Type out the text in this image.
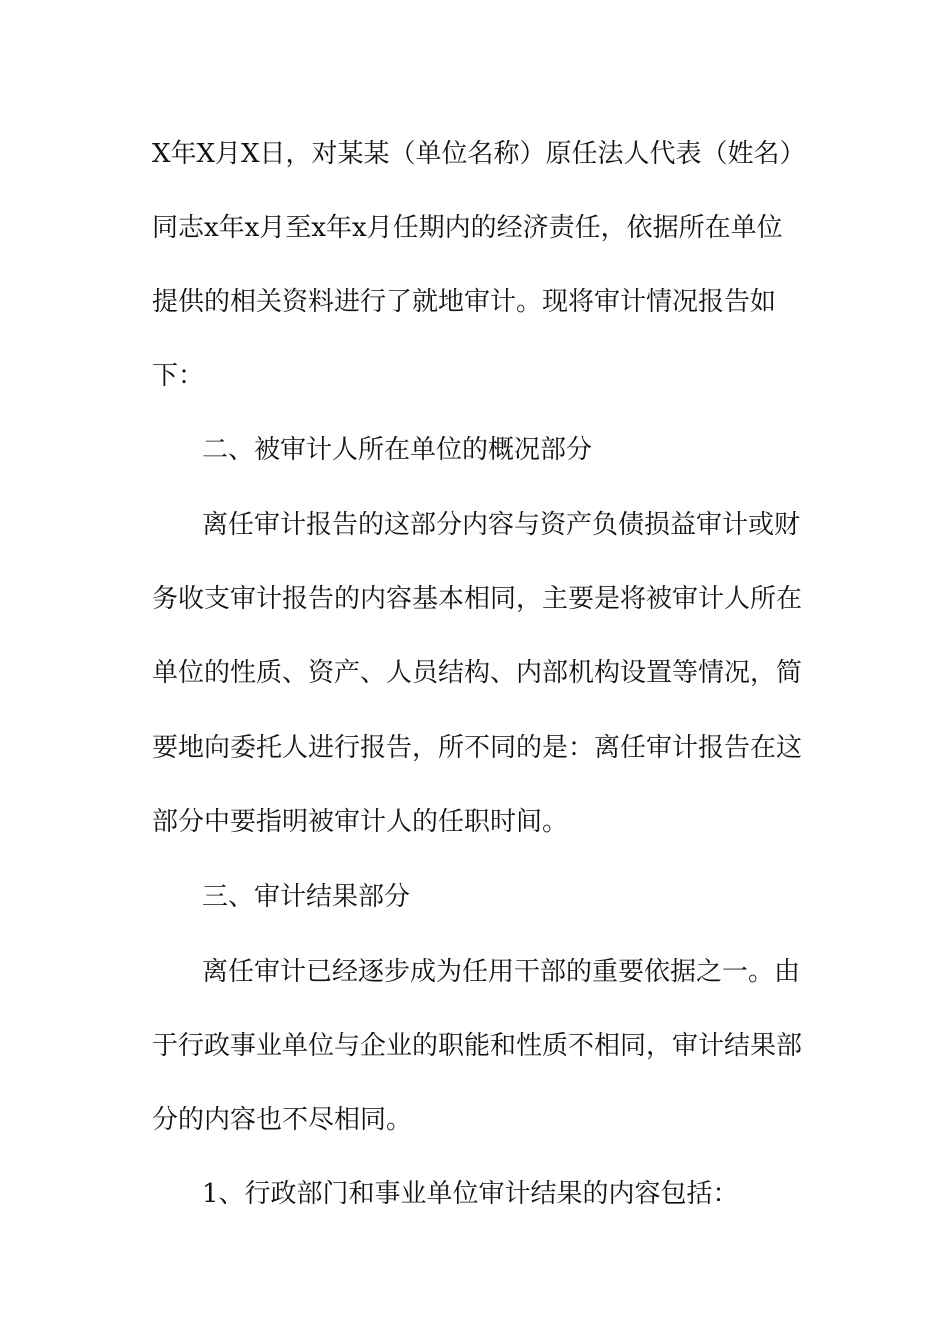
X年X月X日，对某某（单位名称）原任法人代表（姓名）
同志x年x月至x年x月任期内的经济责任，依据所在单位
提供的相关资料进行了就地审计。现将审计情况报告如
下：
二、被审计人所在单位的概况部分
离任审计报告的这部分内容与资产负债损益审计或财
务收支审计报告的内容基本相同，主要是将被审计人所在
单位的性质、资产、人员结构、内部机构设置等情况，简
要地向委托人进行报告，所不同的是：离任审计报告在这
部分中要指明被审计人的任职时间。
三、审计结果部分
离任审计已经逐步成为任用干部的重要依据之一。由
于行政事业单位与企业的职能和性质不相同，审计结果部
分的内容也不尽相同。
1、行政部门和事业单位审计结果的内容包括：
